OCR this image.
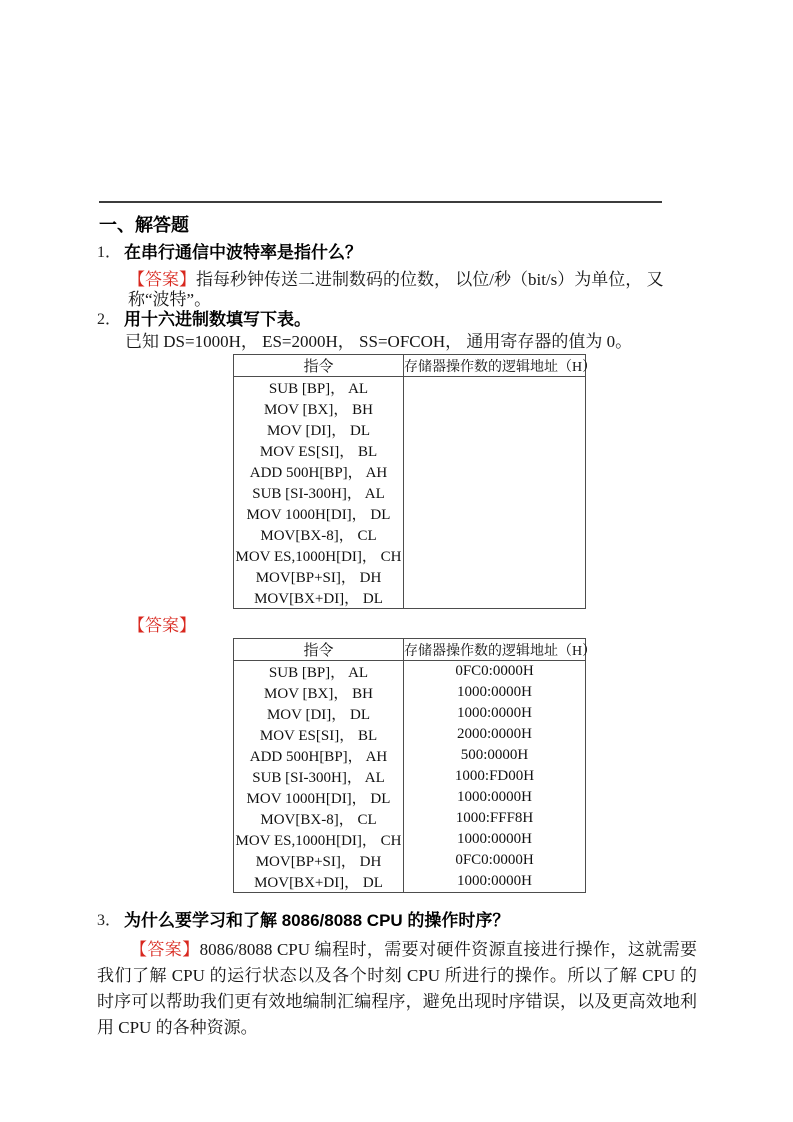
一、解答题
1． 在串行通信中波特率是指什么？
【答案】指每秒钟传送二进制数码的位数， 以位/秒（bit/s）为单位， 又称“波特”。
2． 用十六进制数填写下表。
已知 DS=1000H， ES=2000H， SS=OFCOH， 通用寄存器的值为 0。
指令	存储器操作数的逻辑地址（H）
SUB [BP]， AL	
MOV [BX]， BH	
MOV [DI]， DL	
MOV ES[SI]， BL	
ADD 500H[BP]， AH	
SUB [SI-300H]， AL	
MOV 1000H[DI]， DL	
MOV[BX-8]， CL	
MOV ES,1000H[DI]， CH	
MOV[BP+SI]， DH	
MOV[BX+DI]， DL	
【答案】
指令	存储器操作数的逻辑地址（H）
SUB [BP]， AL	0FC0:0000H
MOV [BX]， BH	1000:0000H
MOV [DI]， DL	1000:0000H
MOV ES[SI]， BL	2000:0000H
ADD 500H[BP]， AH	500:0000H
SUB [SI-300H]， AL	1000:FD00H
MOV 1000H[DI]， DL	1000:0000H
MOV[BX-8]， CL	1000:FFF8H
MOV ES,1000H[DI]， CH	1000:0000H
MOV[BP+SI]， DH	0FC0:0000H
MOV[BX+DI]， DL	1000:0000H
3． 为什么要学习和了解 8086/8088 CPU 的操作时序？
【答案】8086/8088 CPU 编程时，需要对硬件资源直接进行操作，这就需要我们了解 CPU 的运行状态以及各个时刻 CPU 所进行的操作。所以了解 CPU 的时序可以帮助我们更有效地编制汇编程序，避免出现时序错误，以及更高效地利用 CPU 的各种资源。
